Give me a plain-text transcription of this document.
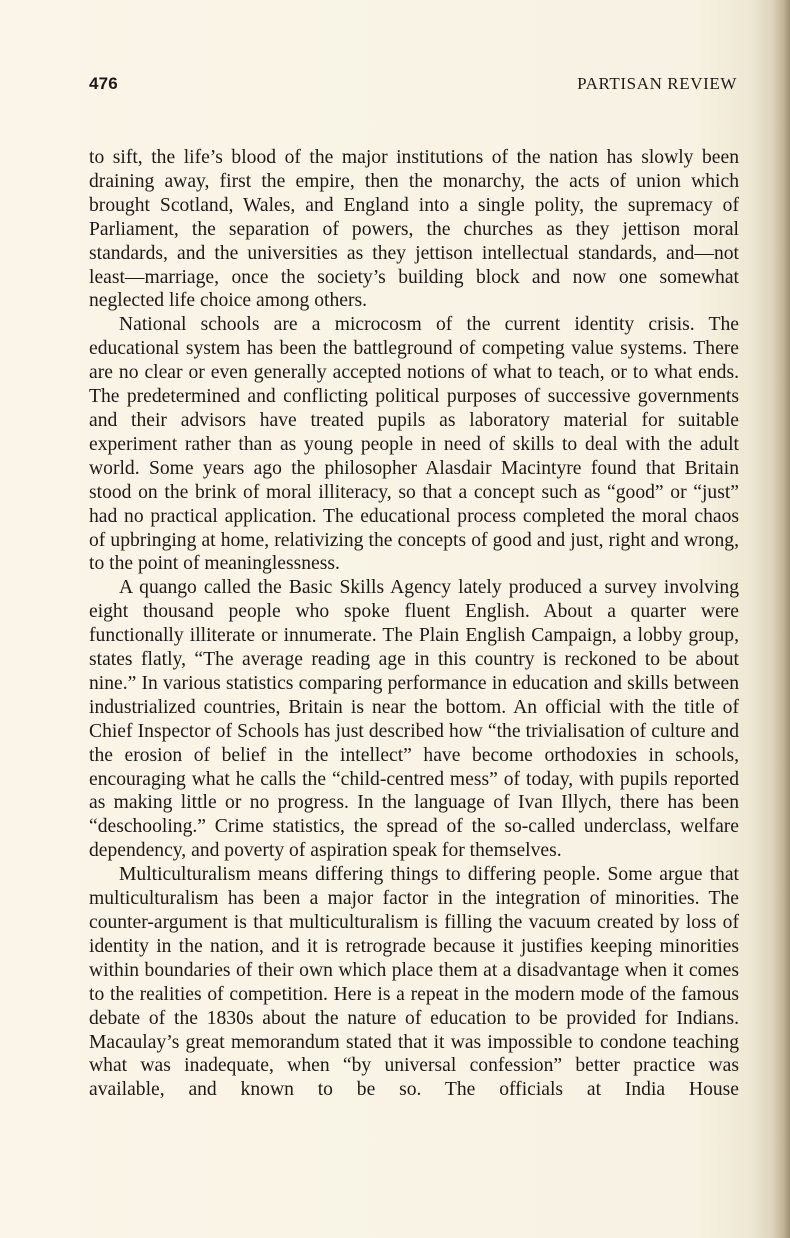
476	PARTISAN REVIEW

to sift, the life’s blood of the major institutions of the nation has slowly been draining away, first the empire, then the monarchy, the acts of union which brought Scotland, Wales, and England into a single polity, the supremacy of Parliament, the separation of powers, the churches as they jettison moral standards, and the universities as they jettison intellectual standards, and—not least—marriage, once the society’s building block and now one somewhat neglected life choice among others.

National schools are a microcosm of the current identity crisis. The educational system has been the battleground of competing value systems. There are no clear or even generally accepted notions of what to teach, or to what ends. The predetermined and conflicting political purposes of successive governments and their advisors have treated pupils as laboratory material for suitable experiment rather than as young people in need of skills to deal with the adult world. Some years ago the philosopher Alasdair Macintyre found that Britain stood on the brink of moral illiteracy, so that a concept such as “good” or “just” had no practical application. The educational process completed the moral chaos of upbringing at home, relativizing the concepts of good and just, right and wrong, to the point of meaninglessness.

A quango called the Basic Skills Agency lately produced a survey involving eight thousand people who spoke fluent English. About a quarter were functionally illiterate or innumerate. The Plain English Campaign, a lobby group, states flatly, “The average reading age in this country is reckoned to be about nine.” In various statistics comparing performance in education and skills between industrialized countries, Britain is near the bottom. An official with the title of Chief Inspector of Schools has just described how “the trivialisation of culture and the erosion of belief in the intellect” have become orthodoxies in schools, encouraging what he calls the “child-centred mess” of today, with pupils reported as making little or no progress. In the language of Ivan Illych, there has been “deschooling.” Crime statistics, the spread of the so-called underclass, welfare dependency, and poverty of aspiration speak for themselves.

Multiculturalism means differing things to differing people. Some argue that multiculturalism has been a major factor in the integration of minorities. The counter-argument is that multiculturalism is filling the vacuum created by loss of identity in the nation, and it is retrograde because it justifies keeping minorities within boundaries of their own which place them at a disadvantage when it comes to the realities of competition. Here is a repeat in the modern mode of the famous debate of the 1830s about the nature of education to be provided for Indians. Macaulay’s great memorandum stated that it was impossible to condone teaching what was inadequate, when “by universal confession” better practice was available, and known to be so. The officials at India House
